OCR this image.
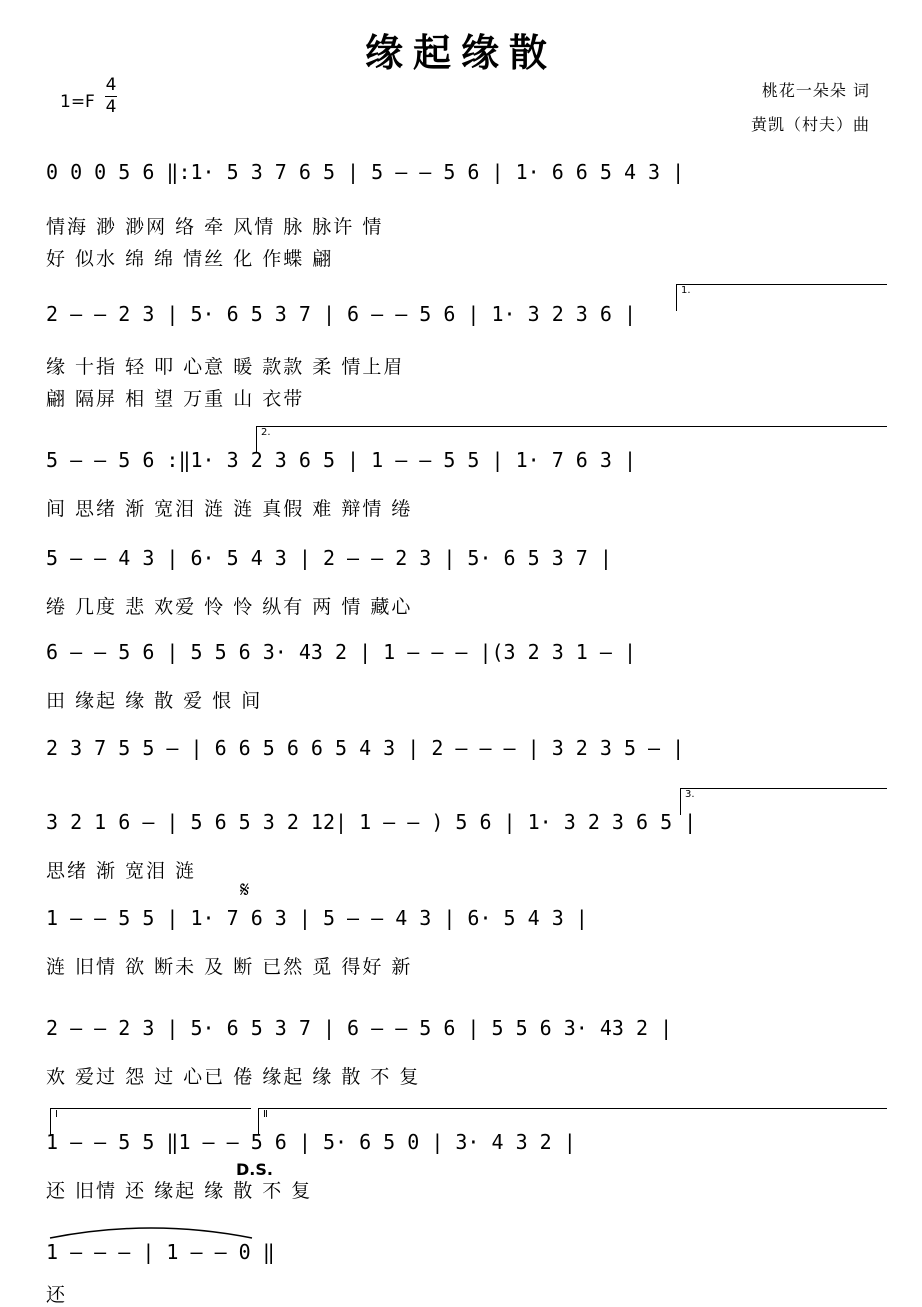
缘起缘散
1=F
4
4
桃花一朵朵 词
黄凯（村夫）曲
0 0 0 5 6 ‖:1· 5 3 7 6 5 | 5 — — 5 6 | 1· 6 6 5 4 3 |
情海 渺 渺网 络 牵 风情 脉 脉许 情
好 似水 绵 绵 情丝 化 作蝶 翩
1.
2 — — 2 3 | 5· 6 5 3 7 | 6 — — 5 6 | 1· 3 2 3 6 |
缘 十指 轻 叩 心意 暖 款款 柔 情上眉
翩 隔屏 相 望 万重 山 衣带
2.
5 — — 5 6 :‖1· 3 2 3 6 5 | 1 — — 5 5 | 1· 7 6 3 |
间 思绪 渐 宽泪 涟 涟 真假 难 辩情 绻
5 — — 4 3 | 6· 5 4 3 | 2 — — 2 3 | 5· 6 5 3 7 |
绻 几度 悲 欢爱 怜 怜 纵有 两 情 藏心
6 — — 5 6 | 5 5 6 3· 43 2 | 1 — — — |(3 2 3 1 — |
田 缘起 缘 散 爱 恨 间
2 3 7 5 5 — | 6 6 5 6 6 5 4 3 | 2 — — — | 3 2 3 5 — |
3.
3 2 1 6 — | 5 6 5 3 2 12| 1 — — ) 5 6 | 1· 3 2 3 6 5 |
思绪 渐 宽泪 涟
𝄋
1 — — 5 5 | 1· 7 6 3 | 5 — — 4 3 | 6· 5 4 3 |
涟 旧情 欲 断未 及 断 已然 觅 得好 新
2 — — 2 3 | 5· 6 5 3 7 | 6 — — 5 6 | 5 5 6 3· 43 2 |
欢 爱过 怨 过 心已 倦 缘起 缘 散 不 复
Ⅰ	Ⅱ
1 — — 5 5 ‖1 — — 5 6 | 5· 6 5 0 | 3· 4 3 2 |
D.S.
还 旧情 还 缘起 缘 散 不 复
1 — — — | 1 — — 0 ‖
还
